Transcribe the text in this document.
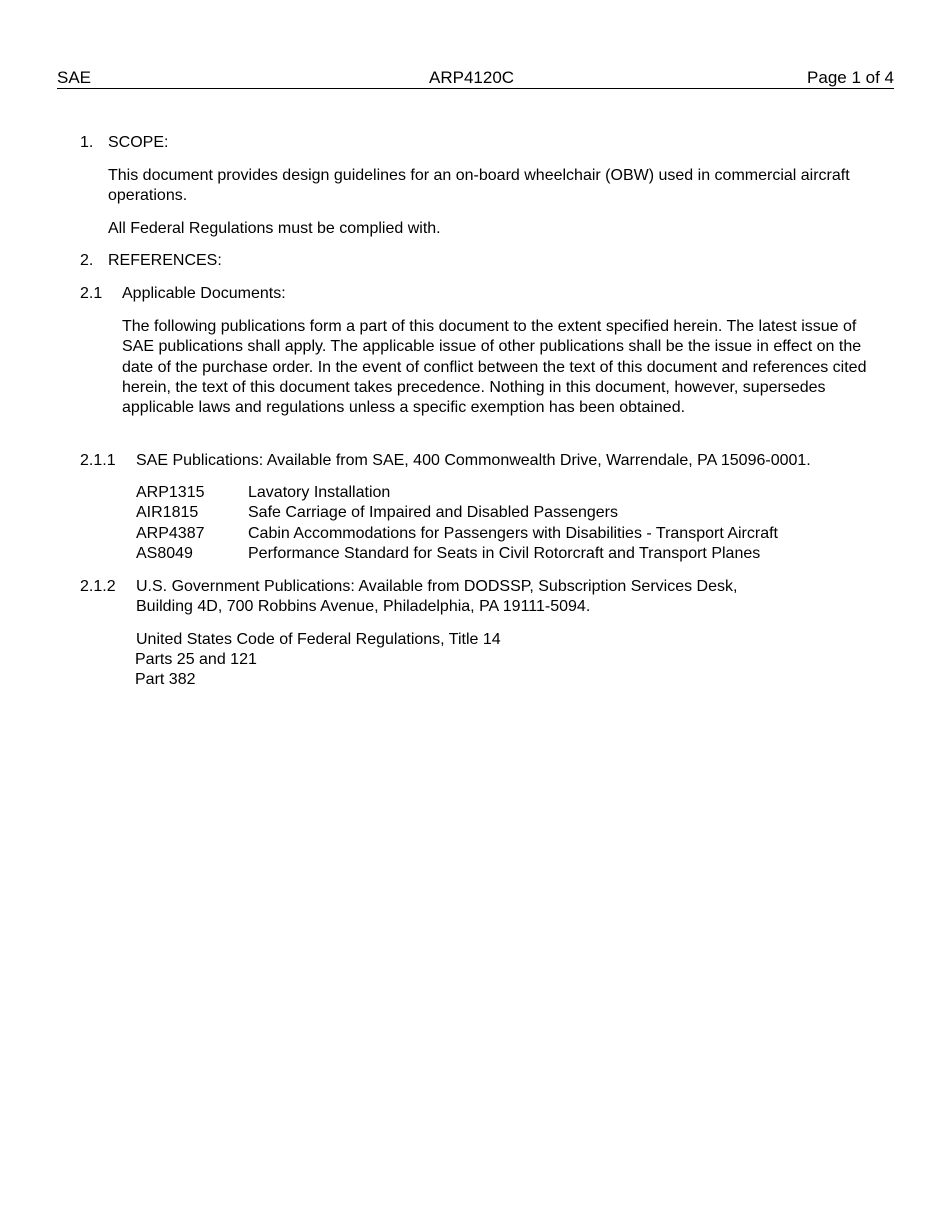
SAE	ARP4120C	Page 1 of 4
1. SCOPE:
This document provides design guidelines for an on-board wheelchair (OBW) used in commercial aircraft operations.
All Federal Regulations must be complied with.
2. REFERENCES:
2.1 Applicable Documents:
The following publications form a part of this document to the extent specified herein. The latest issue of SAE publications shall apply. The applicable issue of other publications shall be the issue in effect on the date of the purchase order. In the event of conflict between the text of this document and references cited herein, the text of this document takes precedence. Nothing in this document, however, supersedes applicable laws and regulations unless a specific exemption has been obtained.
2.1.1 SAE Publications: Available from SAE, 400 Commonwealth Drive, Warrendale, PA 15096-0001.
ARP1315	Lavatory Installation
AIR1815	Safe Carriage of Impaired and Disabled Passengers
ARP4387	Cabin Accommodations for Passengers with Disabilities - Transport Aircraft
AS8049	Performance Standard for Seats in Civil Rotorcraft and Transport Planes
2.1.2 U.S. Government Publications: Available from DODSSP, Subscription Services Desk,
Building 4D, 700 Robbins Avenue, Philadelphia, PA 19111-5094.
United States Code of Federal Regulations, Title 14
Parts 25 and 121
Part 382
